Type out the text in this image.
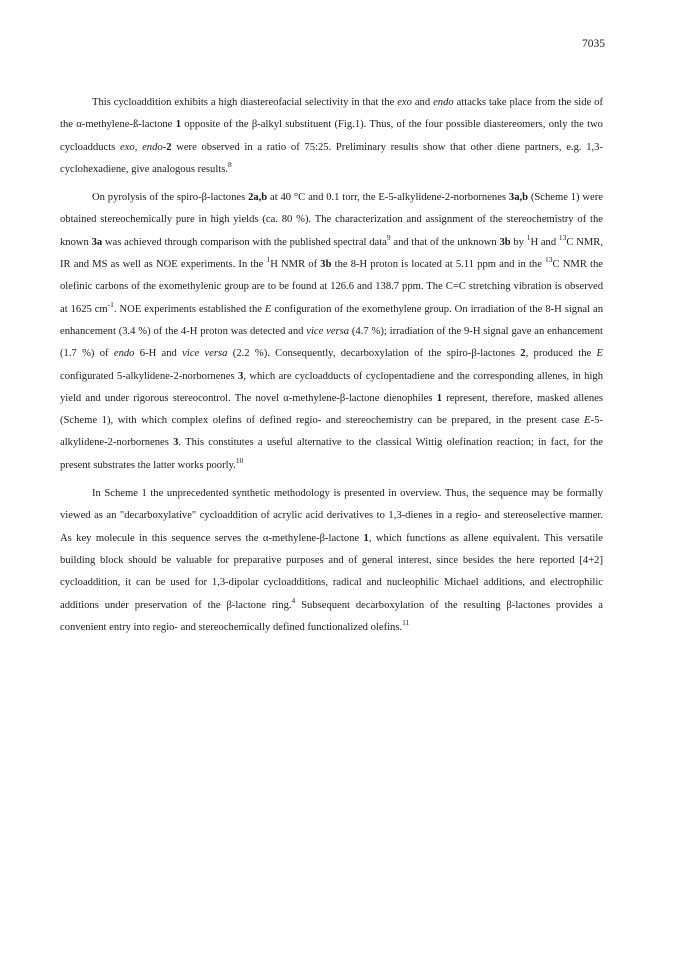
7035

This cycloaddition exhibits a high diastereofacial selectivity in that the exo and endo attacks take place from the side of the α-methylene-ß-lactone 1 opposite of the β-alkyl substituent (Fig.1). Thus, of the four possible diastereomers, only the two cycloadducts exo, endo-2 were observed in a ratio of 75:25. Preliminary results show that other diene partners, e.g. 1,3-cyclohexadiene, give analogous results.$^8$

On pyrolysis of the spiro-β-lactones 2a,b at 40 °C and 0.1 torr, the E-5-alkylidene-2-norbornenes 3a,b (Scheme 1) were obtained stereochemically pure in high yields (ca. 80 %). The characterization and assignment of the stereochemistry of the known 3a was achieved through comparison with the published spectral data$^9$ and that of the unknown 3b by $^1$H and $^{13}$C NMR, IR and MS as well as NOE experiments. In the $^1$H NMR of 3b the 8-H proton is located at 5.11 ppm and in the $^{13}$C NMR the olefinic carbons of the exomethylenic group are to be found at 126.6 and 138.7 ppm. The C=C stretching vibration is observed at 1625 $cm^{-1}$. NOE experiments established the E configuration of the exomethylene group. On irradiation of the 8-H signal an enhancement (3.4 %) of the 4-H proton was detected and vice versa (4.7 %); irradiation of the 9-H signal gave an enhancement (1.7 %) of endo 6-H and vice versa (2.2 %). Consequently, decarboxylation of the spiro-β-lactones 2, produced the E configurated 5-alkylidene-2-norbornenes 3, which are cycloadducts of cyclopentadiene and the corresponding allenes, in high yield and under rigorous stereocontrol. The novel α-methylene-β-lactone dienophiles 1 represent, therefore, masked allenes (Scheme 1), with which complex olefins of defined regio- and stereochemistry can be prepared, in the present case E-5-alkylidene-2-norbornenes 3. This constitutes a useful alternative to the classical Wittig olefination reaction; in fact, for the present substrates the latter works poorly.$^{10}$

In Scheme 1 the unprecedented synthetic methodology is presented in overview. Thus, the sequence may be formally viewed as an "decarboxylative" cycloaddition of acrylic acid derivatives to 1,3-dienes in a regio- and stereoselective manner. As key molecule in this sequence serves the α-methylene-β-lactone 1, which functions as allene equivalent. This versatile building block should be valuable for preparative purposes and of general interest, since besides the here reported [4+2] cycloaddition, it can be used for 1,3-dipolar cycloadditions, radical and nucleophilic Michael additions, and electrophilic additions under preservation of the β-lactone ring.$^4$ Subsequent decarboxylation of the resulting β-lactones provides a convenient entry into regio- and stereochemically defined functionalized olefins.$^{11}$
